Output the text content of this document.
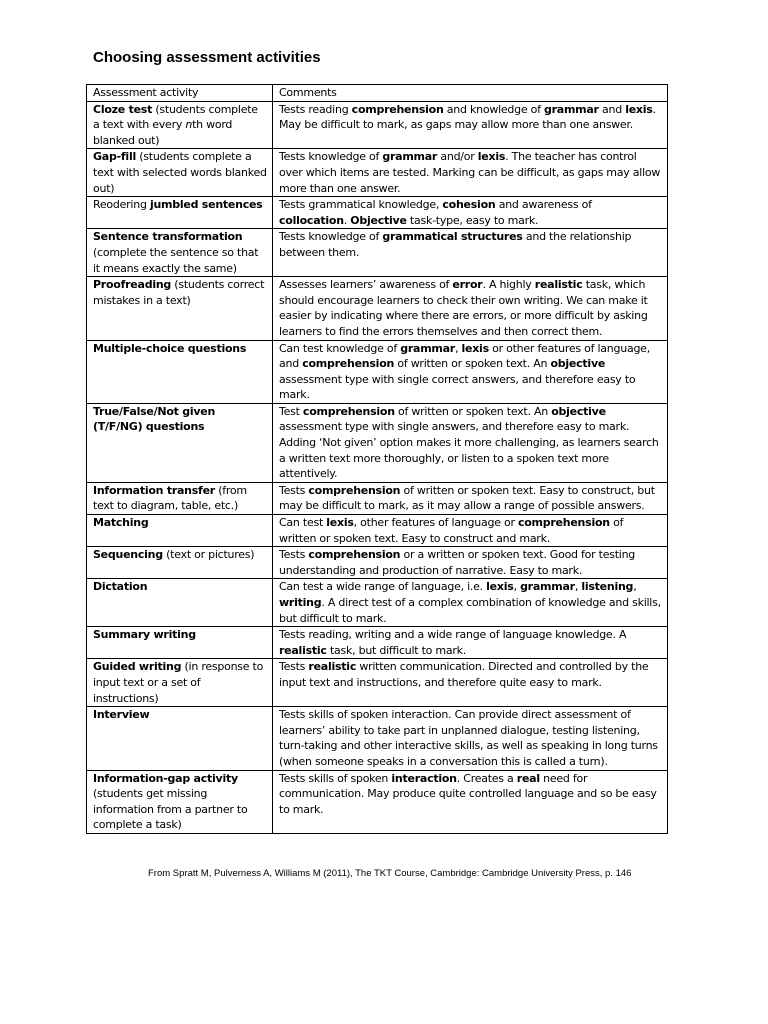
Choosing assessment activities
Assessment activity	Comments
Cloze test (students complete a text with every nth word blanked out)	Tests reading comprehension and knowledge of grammar and lexis. May be difficult to mark, as gaps may allow more than one answer.
Gap-fill (students complete a text with selected words blanked out)	Tests knowledge of grammar and/or lexis. The teacher has control over which items are tested. Marking can be difficult, as gaps may allow more than one answer.
Reodering jumbled sentences	Tests grammatical knowledge, cohesion and awareness of collocation. Objective task-type, easy to mark.
Sentence transformation (complete the sentence so that it means exactly the same)	Tests knowledge of grammatical structures and the relationship between them.
Proofreading (students correct mistakes in a text)	Assesses learners’ awareness of error. A highly realistic task, which should encourage learners to check their own writing. We can make it easier by indicating where there are errors, or more difficult by asking learners to find the errors themselves and then correct them.
Multiple-choice questions	Can test knowledge of grammar, lexis or other features of language, and comprehension of written or spoken text. An objective assessment type with single correct answers, and therefore easy to mark.
True/False/Not given (T/F/NG) questions	Test comprehension of written or spoken text. An objective assessment type with single answers, and therefore easy to mark. Adding ‘Not given’ option makes it more challenging, as learners search a written text more thoroughly, or listen to a spoken text more attentively.
Information transfer (from text to diagram, table, etc.)	Tests comprehension of written or spoken text. Easy to construct, but may be difficult to mark, as it may allow a range of possible answers.
Matching	Can test lexis, other features of language or comprehension of written or spoken text. Easy to construct and mark.
Sequencing (text or pictures)	Tests comprehension or a written or spoken text. Good for testing understanding and production of narrative. Easy to mark.
Dictation	Can test a wide range of language, i.e. lexis, grammar, listening, writing. A direct test of a complex combination of knowledge and skills, but difficult to mark.
Summary writing	Tests reading, writing and a wide range of language knowledge. A realistic task, but difficult to mark.
Guided writing (in response to input text or a set of instructions)	Tests realistic written communication. Directed and controlled by the input text and instructions, and therefore quite easy to mark.
Interview	Tests skills of spoken interaction. Can provide direct assessment of learners’ ability to take part in unplanned dialogue, testing listening, turn-taking and other interactive skills, as well as speaking in long turns (when someone speaks in a conversation this is called a turn).
Information-gap activity (students get missing information from a partner to complete a task)	Tests skills of spoken interaction. Creates a real need for communication. May produce quite controlled language and so be easy to mark.
From Spratt M, Pulverness A, Williams M (2011), The TKT Course, Cambridge: Cambridge University Press, p. 146
